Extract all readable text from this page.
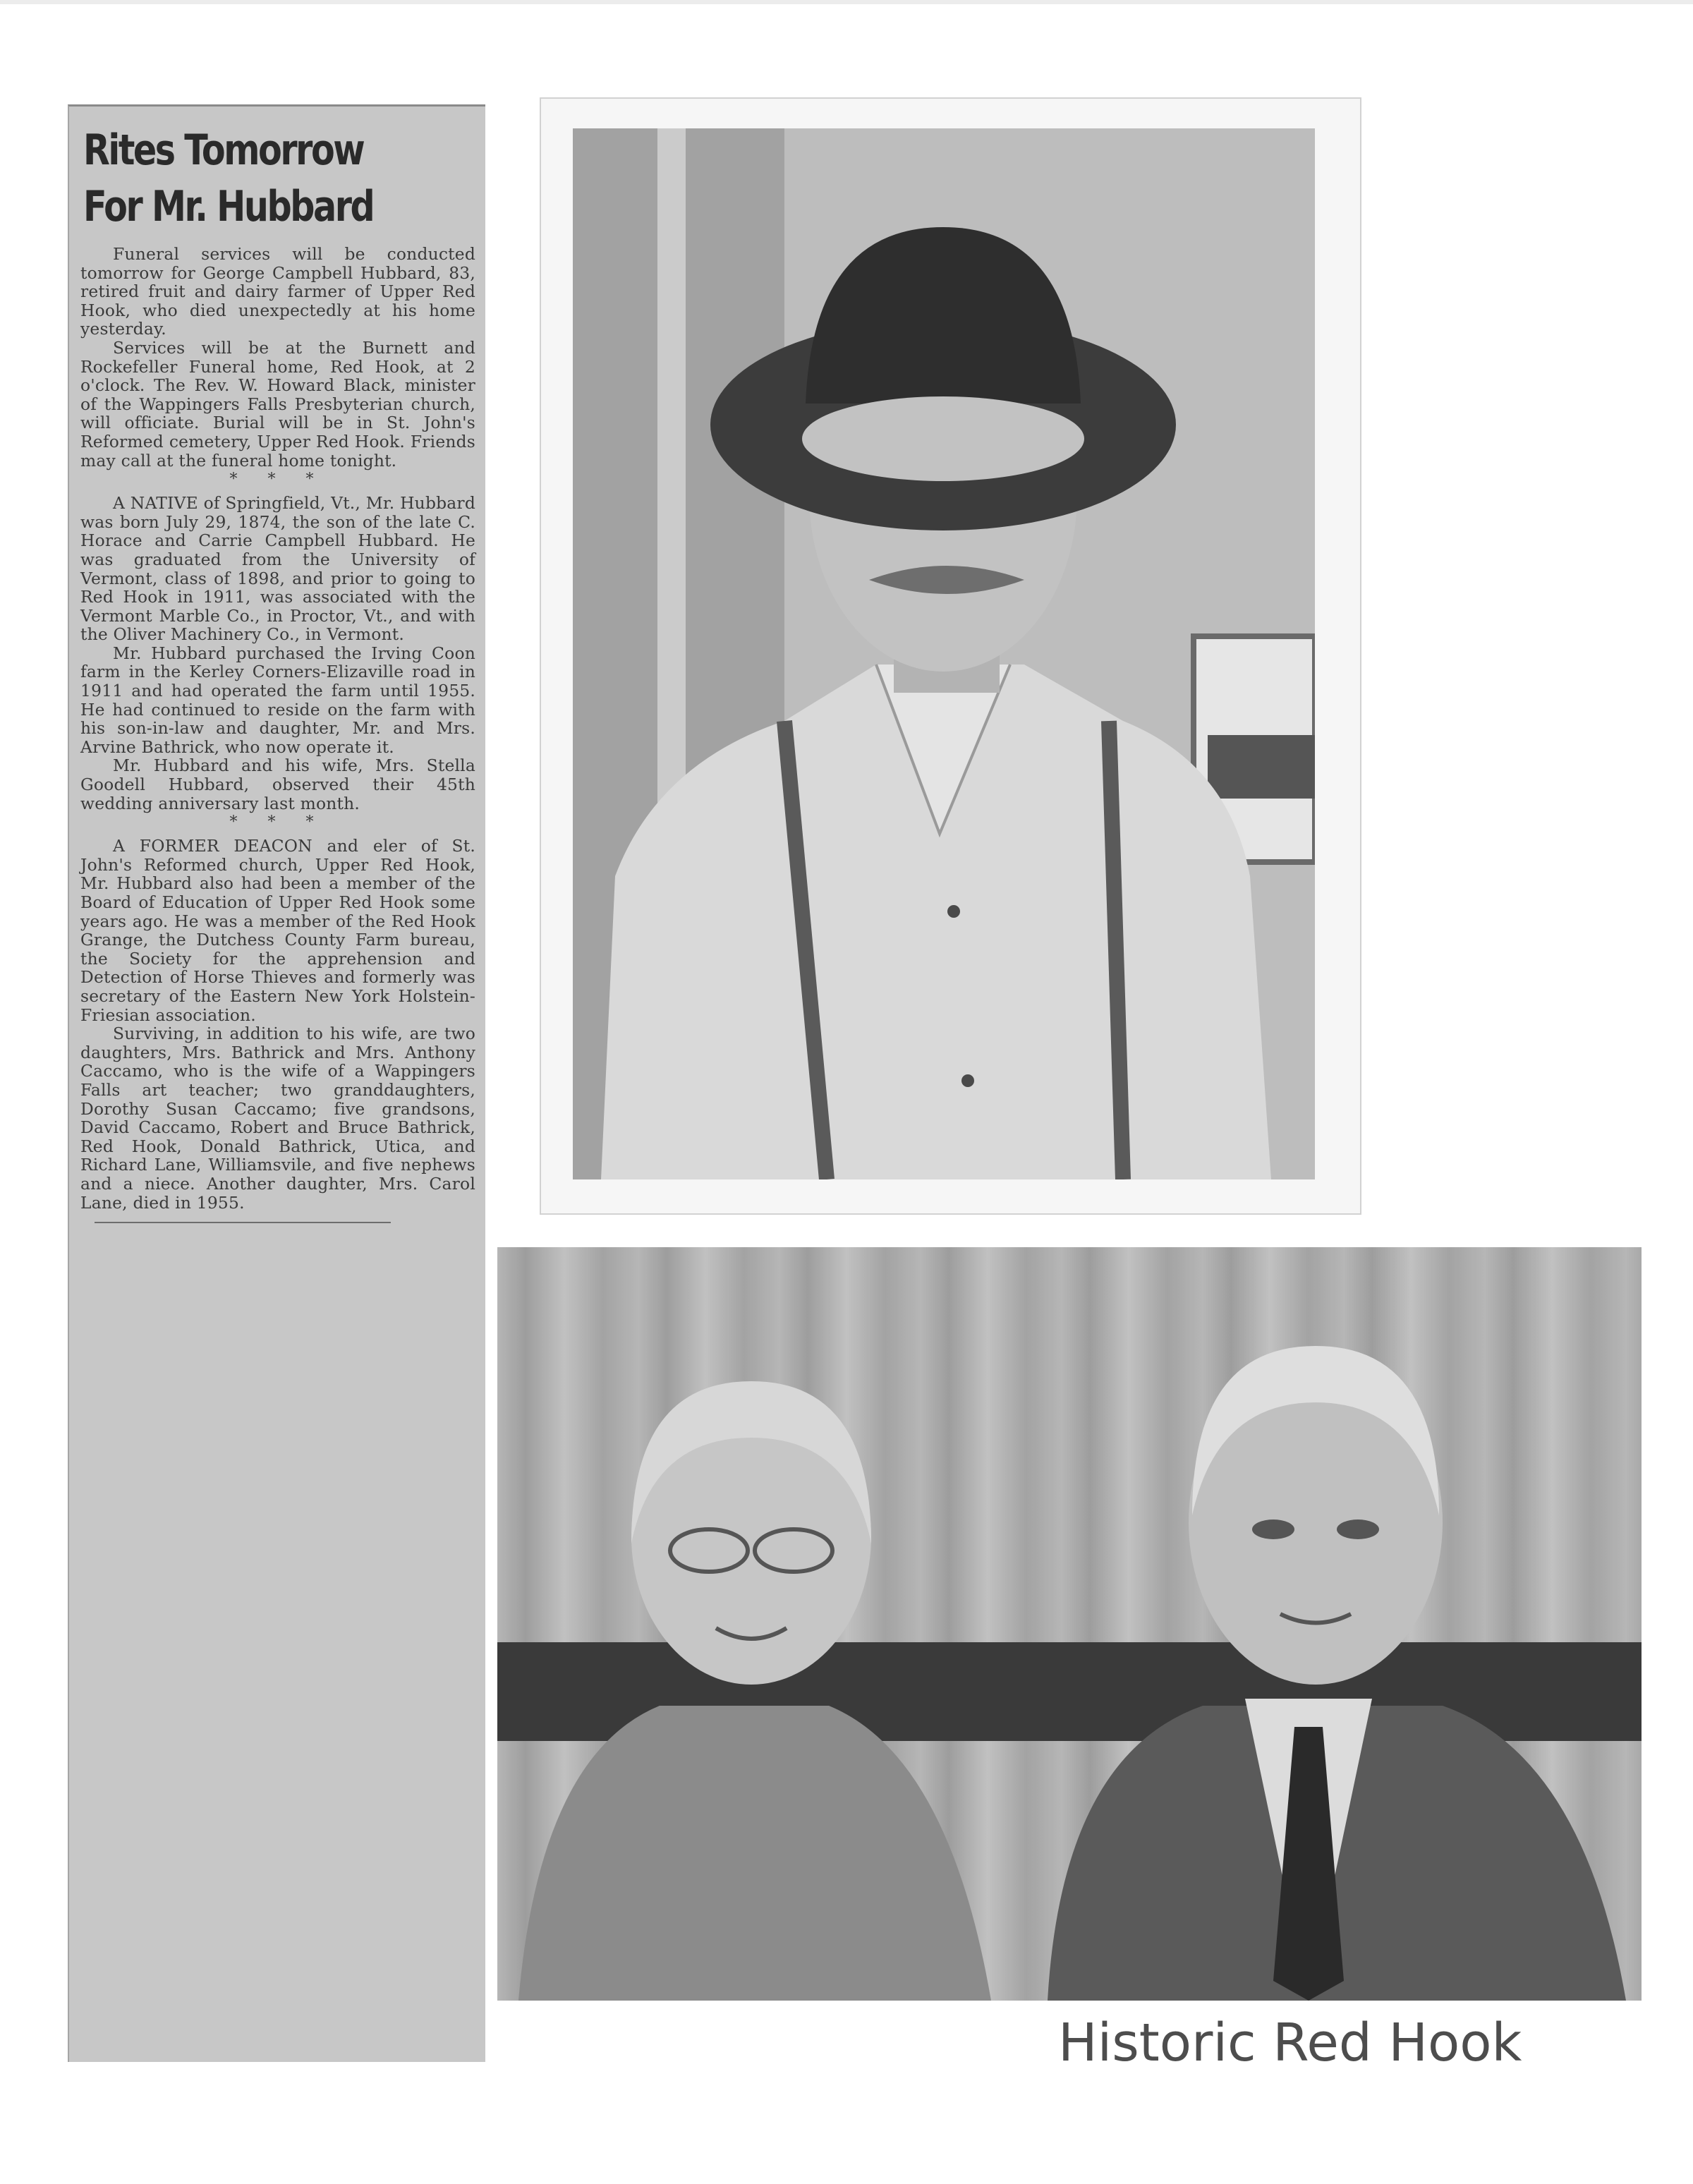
Rites Tomorrow
For Mr. Hubbard

Funeral services will be conducted tomorrow for George Campbell Hubbard, 83, retired fruit and dairy farmer of Upper Red Hook, who died unexpectedly at his home yesterday.

Services will be at the Burnett and Rockefeller Funeral home, Red Hook, at 2 o'clock. The Rev. W. Howard Black, minister of the Wappingers Falls Presbyterian church, will officiate. Burial will be in St. John's Reformed cemetery, Upper Red Hook. Friends may call at the funeral home tonight.

* * *

A NATIVE of Springfield, Vt., Mr. Hubbard was born July 29, 1874, the son of the late C. Horace and Carrie Campbell Hubbard. He was graduated from the University of Vermont, class of 1898, and prior to going to Red Hook in 1911, was associated with the Vermont Marble Co., in Proctor, Vt., and with the Oliver Machinery Co., in Vermont.

Mr. Hubbard purchased the Irving Coon farm in the Kerley Corners-Elizaville road in 1911 and had operated the farm until 1955. He had continued to reside on the farm with his son-in-law and daughter, Mr. and Mrs. Arvine Bathrick, who now operate it.

Mr. Hubbard and his wife, Mrs. Stella Goodell Hubbard, observed their 45th wedding anniversary last month.

* * *

A FORMER DEACON and eler of St. John's Reformed church, Upper Red Hook, Mr. Hubbard also had been a member of the Board of Education of Upper Red Hook some years ago. He was a member of the Red Hook Grange, the Dutchess County Farm bureau, the Society for the apprehension and Detection of Horse Thieves and formerly was secretary of the Eastern New York Holstein-Friesian association.

Surviving, in addition to his wife, are two daughters, Mrs. Bathrick and Mrs. Anthony Caccamo, who is the wife of a Wappingers Falls art teacher; two granddaughters, Dorothy Susan Caccamo; five grandsons, David Caccamo, Robert and Bruce Bathrick, Red Hook, Donald Bathrick, Utica, and Richard Lane, Williamsvile, and five nephews and a niece. Another daughter, Mrs. Carol Lane, died in 1955.

Historic Red Hook
